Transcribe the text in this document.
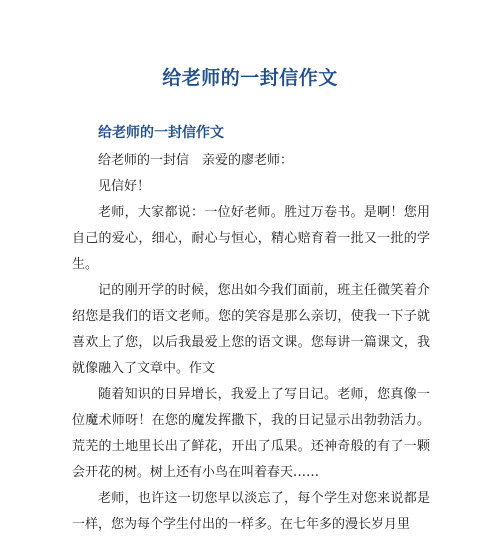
给老师的一封信作文
给老师的一封信作文

给老师的一封信　亲爱的廖老师：

见信好！

老师，大家都说：一位好老师。胜过万卷书。是啊！您用自己的爱心，细心，耐心与恒心，精心赔育着一批又一批的学生。

记的刚开学的时候，您出如今我们面前，班主任微笑着介绍您是我们的语文老师。您的笑容是那么亲切，使我一下子就喜欢上了您，以后我最爱上您的语文课。您每讲一篇课文，我就像融入了文章中。作文

随着知识的日异增长，我爱上了写日记。老师，您真像一位魔术师呀！在您的魔发挥撒下，我的日记显示出勃勃活力。荒芜的土地里长出了鲜花，开出了瓜果。还神奇般的有了一颗会开花的树。树上还有小鸟在叫着春天……

老师，也许这一切您早以淡忘了，每个学生对您来说都是一样，您为每个学生付出的一样多。在七年多的漫长岁月里
